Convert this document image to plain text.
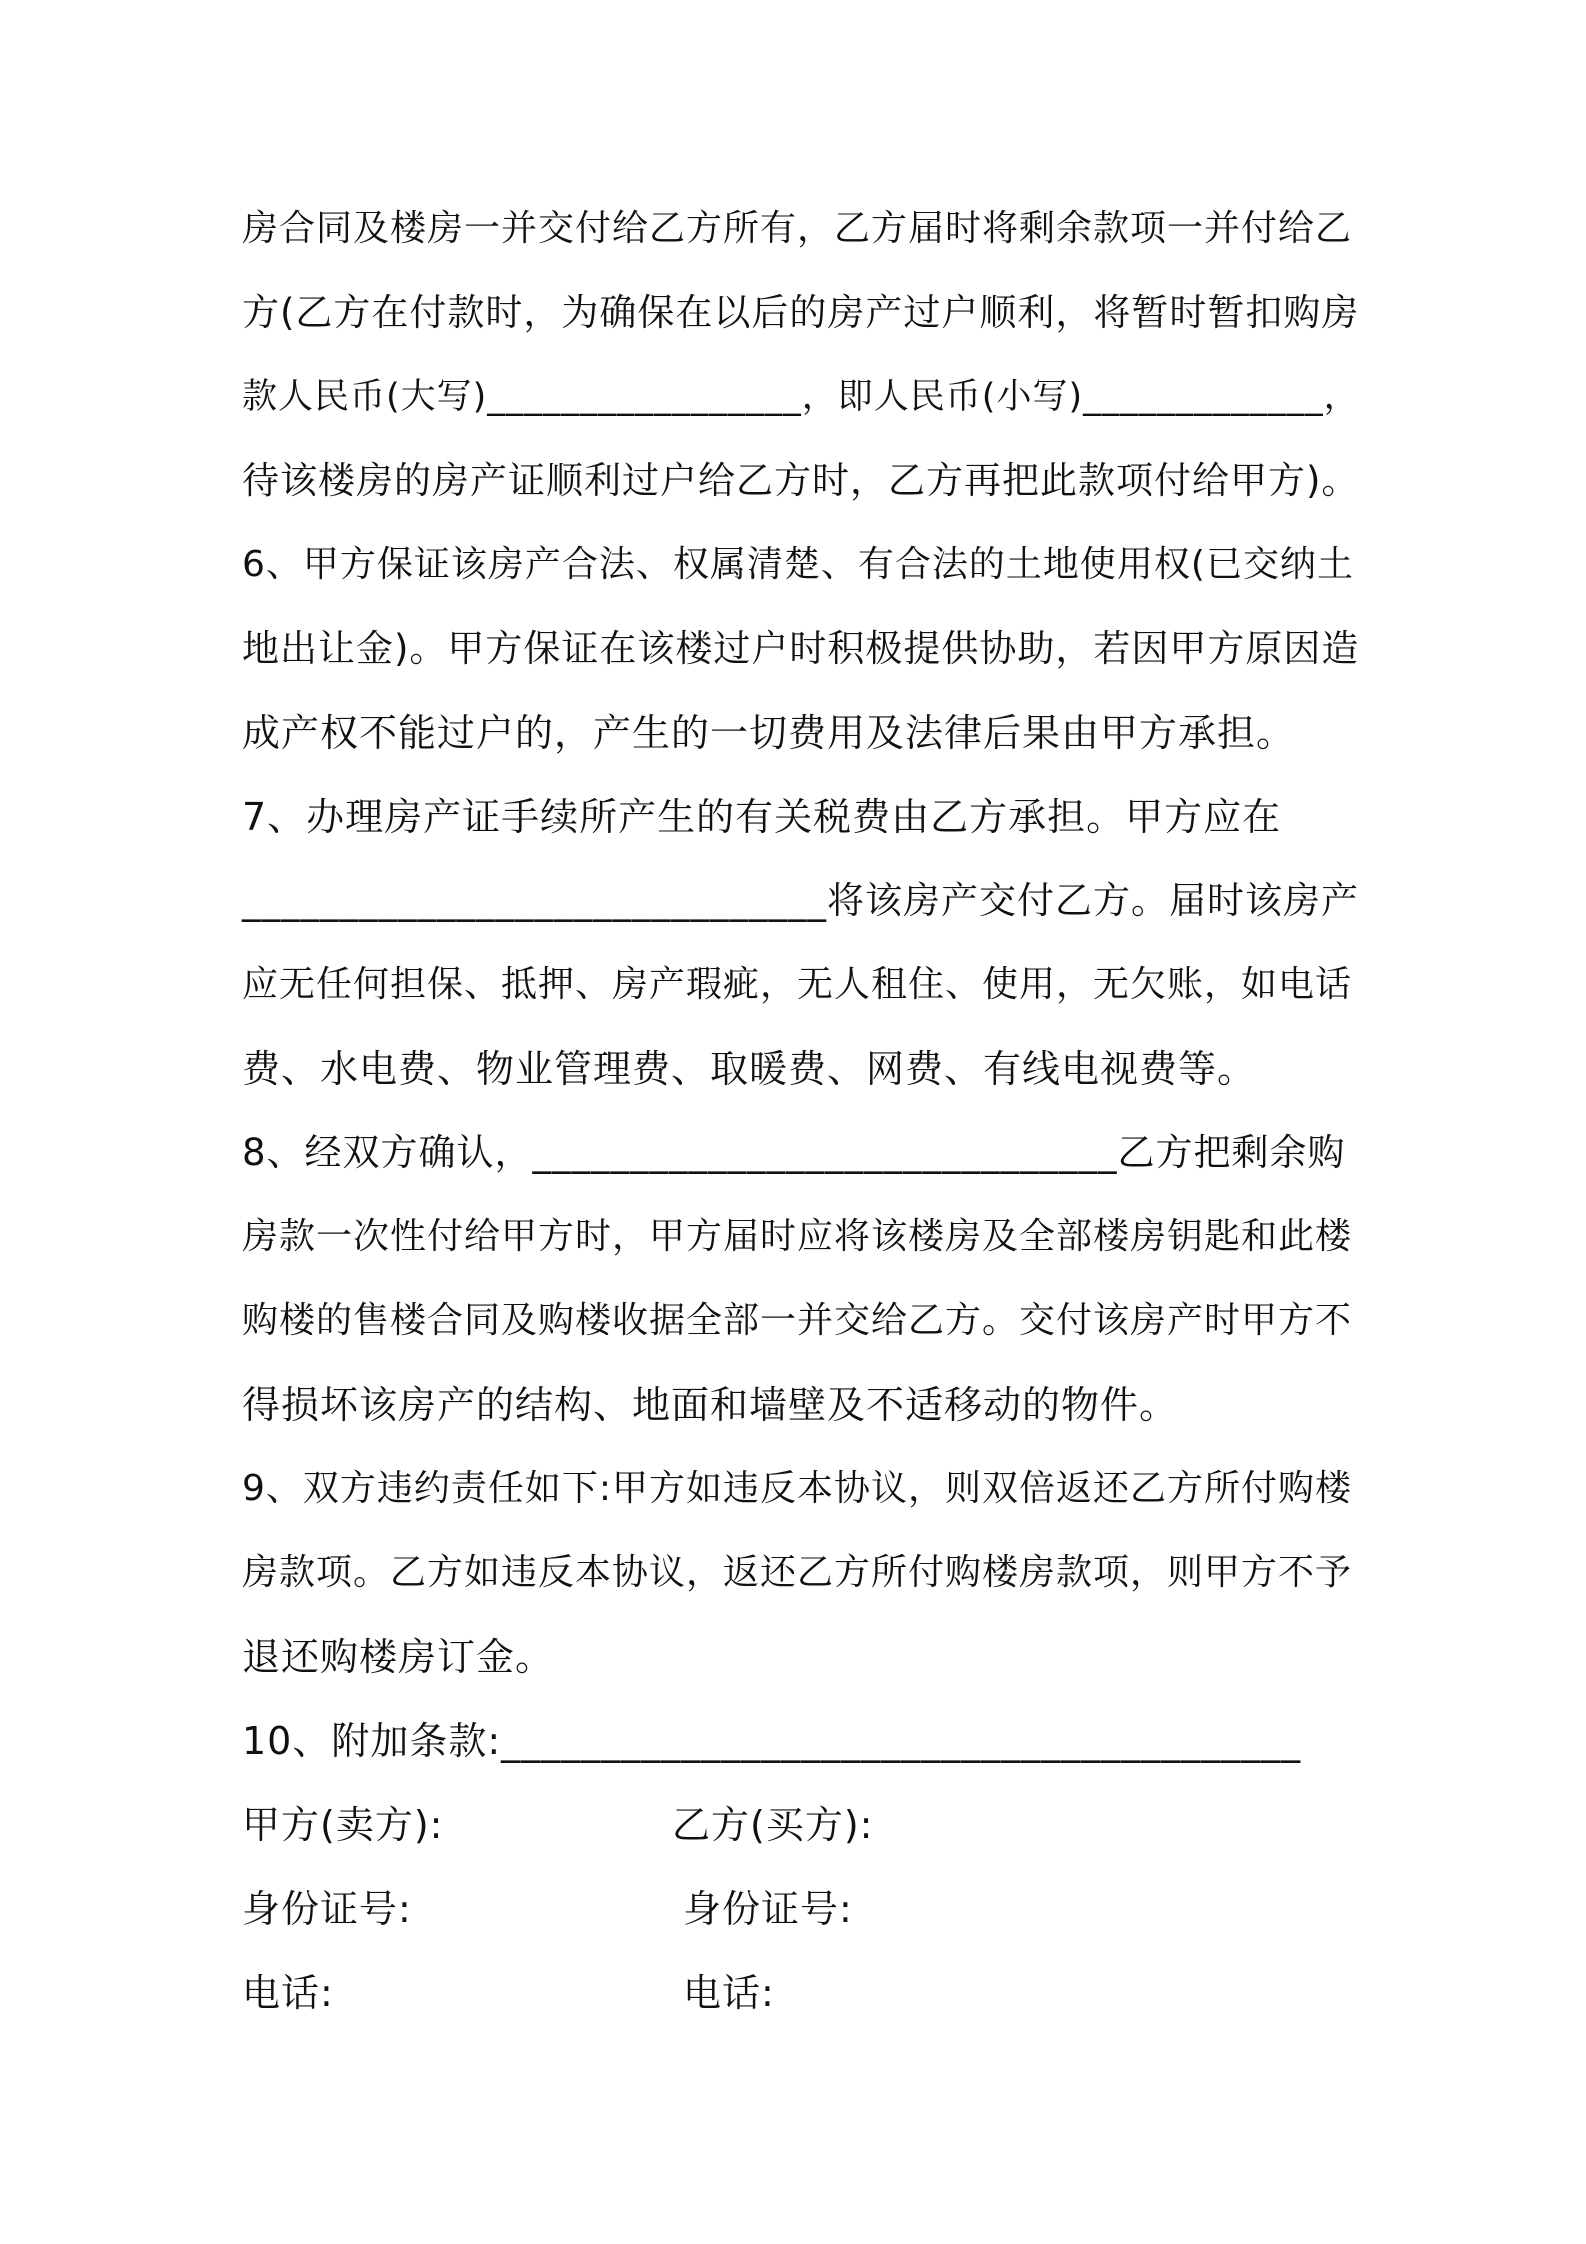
房合同及楼房一并交付给乙方所有，乙方届时将剩余款项一并付给乙
方(乙方在付款时，为确保在以后的房产过户顺利，将暂时暂扣购房
款人民币(大写)_________________，即人民币(小写)_____________，
待该楼房的房产证顺利过户给乙方时，乙方再把此款项付给甲方)。
6、甲方保证该房产合法、权属清楚、有合法的土地使用权(已交纳土
地出让金)。甲方保证在该楼过户时积极提供协助，若因甲方原因造
成产权不能过户的，产生的一切费用及法律后果由甲方承担。
7、办理房产证手续所产生的有关税费由乙方承担。甲方应在
______________________________将该房产交付乙方。届时该房产
应无任何担保、抵押、房产瑕疵，无人租住、使用，无欠账，如电话
费、水电费、物业管理费、取暖费、网费、有线电视费等。
8、经双方确认，______________________________乙方把剩余购
房款一次性付给甲方时，甲方届时应将该楼房及全部楼房钥匙和此楼
购楼的售楼合同及购楼收据全部一并交给乙方。交付该房产时甲方不
得损坏该房产的结构、地面和墙壁及不适移动的物件。
9、双方违约责任如下:甲方如违反本协议，则双倍返还乙方所付购楼
房款项。乙方如违反本协议，返还乙方所付购楼房款项，则甲方不予
退还购楼房订金。
10、附加条款:________________________________________
甲方(卖方):	乙方(买方):
身份证号:	身份证号:
电话:	电话:
